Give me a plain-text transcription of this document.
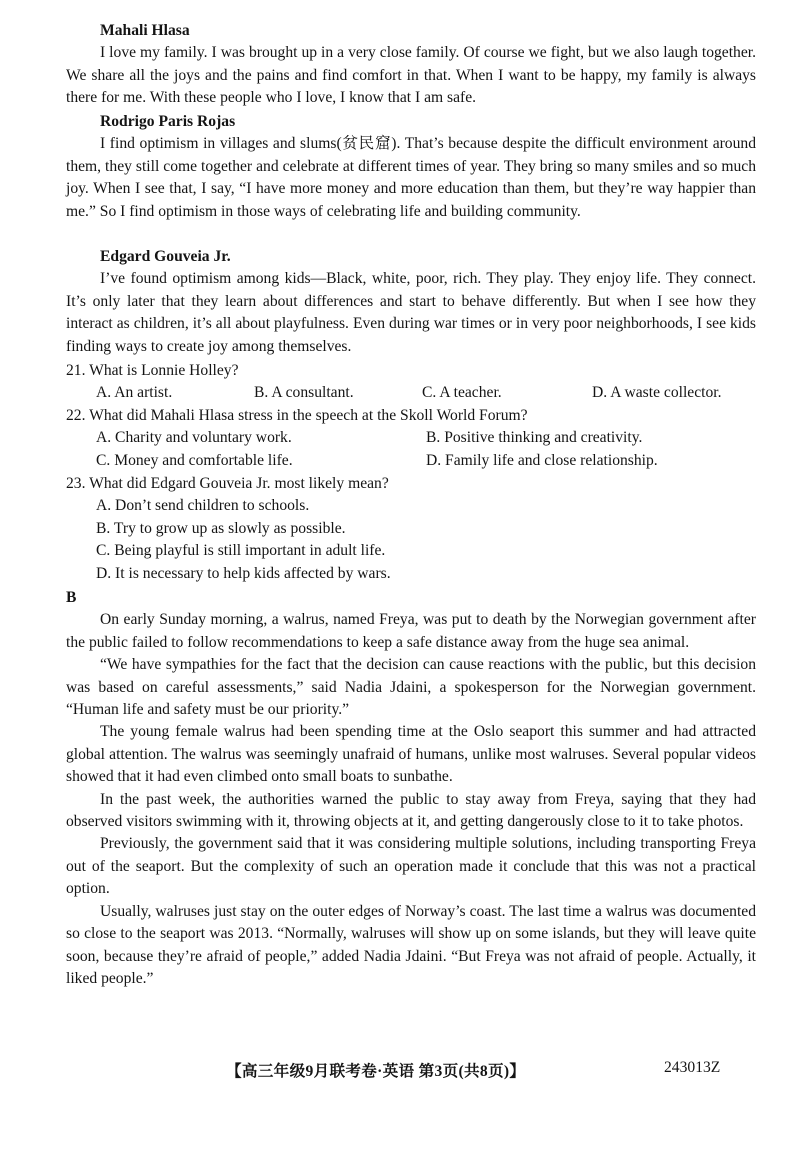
Mahali Hlasa

I love my family. I was brought up in a very close family. Of course we fight, but we also laugh together. We share all the joys and the pains and find comfort in that. When I want to be happy, my family is always there for me. With these people who I love, I know that I am safe.

Rodrigo Paris Rojas

I find optimism in villages and slums(贫民窟). That’s because despite the difficult environment around them, they still come together and celebrate at different times of year. They bring so many smiles and so much joy. When I see that, I say, “I have more money and more education than them, but they’re way happier than me.” So I find optimism in those ways of celebrating life and building community.

Edgard Gouveia Jr.

I’ve found optimism among kids—Black, white, poor, rich. They play. They enjoy life. They connect. It’s only later that they learn about differences and start to behave differently. But when I see how they interact as children, it’s all about playfulness. Even during war times or in very poor neighborhoods, I see kids finding ways to create joy among themselves.

21. What is Lonnie Holley?

A. An artist.	B. A consultant.	C. A teacher.	D. A waste collector.

22. What did Mahali Hlasa stress in the speech at the Skoll World Forum?

A. Charity and voluntary work.	B. Positive thinking and creativity.
C. Money and comfortable life.	D. Family life and close relationship.

23. What did Edgard Gouveia Jr. most likely mean?

A. Don’t send children to schools.

B. Try to grow up as slowly as possible.

C. Being playful is still important in adult life.

D. It is necessary to help kids affected by wars.

B

On early Sunday morning, a walrus, named Freya, was put to death by the Norwegian government after the public failed to follow recommendations to keep a safe distance away from the huge sea animal.

“We have sympathies for the fact that the decision can cause reactions with the public, but this decision was based on careful assessments,” said Nadia Jdaini, a spokesperson for the Norwegian government. “Human life and safety must be our priority.”

The young female walrus had been spending time at the Oslo seaport this summer and had attracted global attention. The walrus was seemingly unafraid of humans, unlike most walruses. Several popular videos showed that it had even climbed onto small boats to sunbathe.

In the past week, the authorities warned the public to stay away from Freya, saying that they had observed visitors swimming with it, throwing objects at it, and getting dangerously close to it to take photos.

Previously, the government said that it was considering multiple solutions, including transporting Freya out of the seaport. But the complexity of such an operation made it conclude that this was not a practical option.

Usually, walruses just stay on the outer edges of Norway’s coast. The last time a walrus was documented so close to the seaport was 2013. “Normally, walruses will show up on some islands, but they will leave quite soon, because they’re afraid of people,” added Nadia Jdaini. “But Freya was not afraid of people. Actually, it liked people.”

【高三年级9月联考卷·英语 第3页(共8页)】	243013Z
